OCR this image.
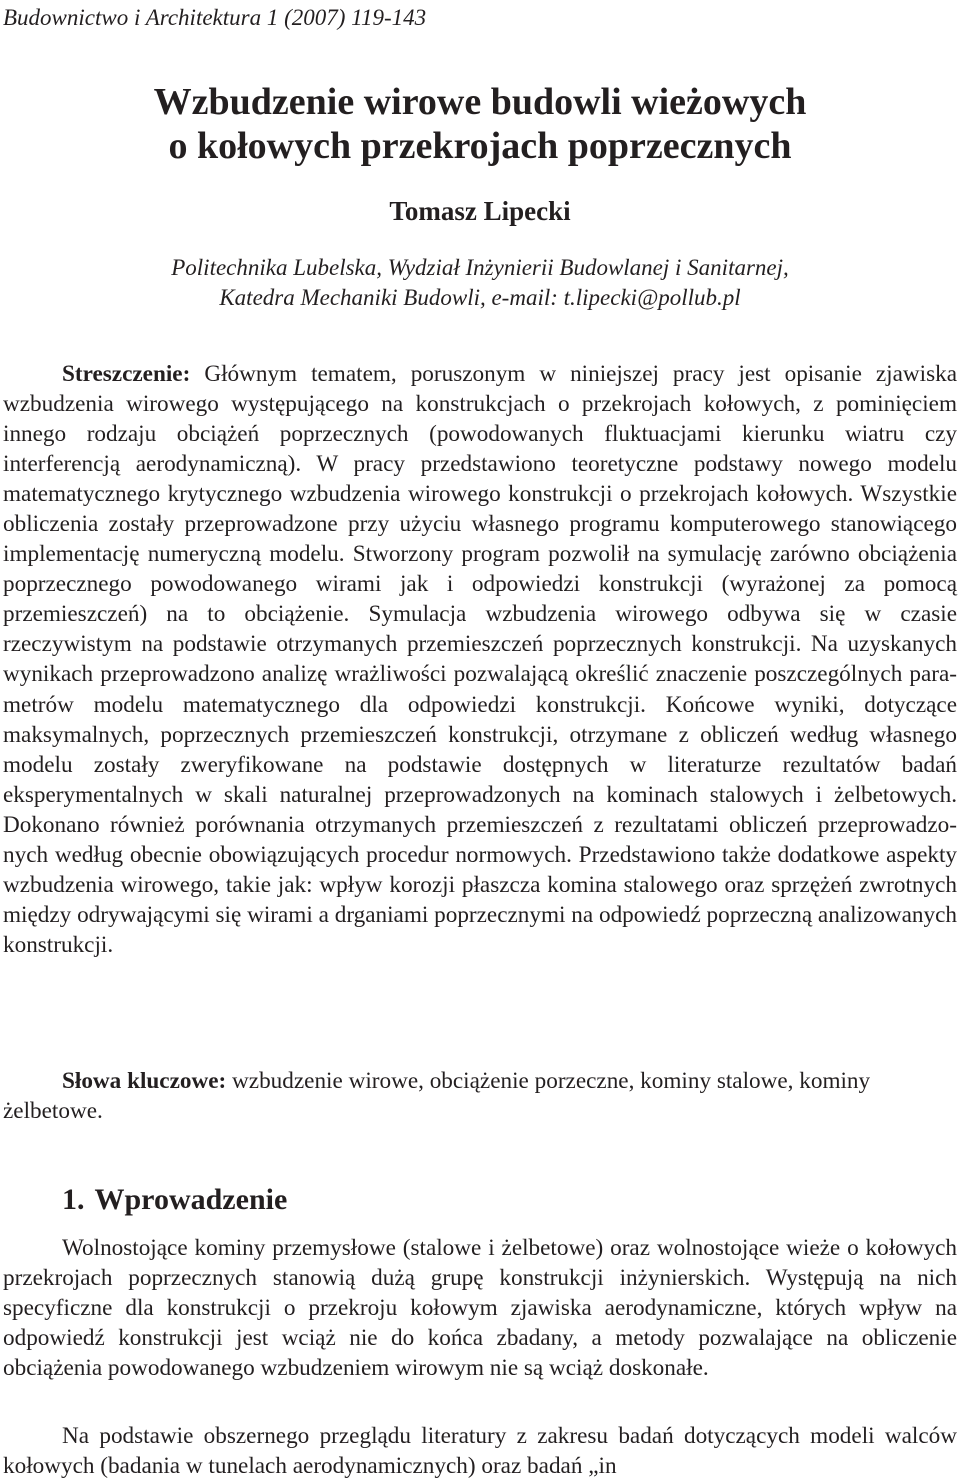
Budownictwo i Architektura 1 (2007) 119-143
Wzbudzenie wirowe budowli wieżowych
o kołowych przekrojach poprzecznych
Tomasz Lipecki
Politechnika Lubelska, Wydział Inżynierii Budowlanej i Sanitarnej,
Katedra Mechaniki Budowli, e-mail: t.lipecki@pollub.pl

Streszczenie: Głównym tematem, poruszonym w niniejszej pracy jest opisanie zjawiska wzbudzenia wirowego występującego na konstrukcjach o przekrojach kołowych, z pominięciem innego rodzaju obciążeń poprzecznych (powodowanych fluktuacjami kierunku wiatru czy interferencją aerodynamiczną). W pracy przedstawiono teoretyczne podstawy nowego modelu matematycznego krytycznego wzbudzenia wirowego konstrukcji o przekrojach kołowych. Wszystkie obliczenia zostały przeprowadzone przy użyciu własnego programu komputerowego stanowiącego implementację numeryczną modelu. Stworzony program pozwolił na symulację zarówno obciążenia poprzecznego powodowanego wirami jak i odpowiedzi konstrukcji (wyrażonej za pomocą przemieszczeń) na to obciążenie. Symulacja wzbudzenia wirowego odbywa się w czasie rzeczywistym na podstawie otrzymanych przemieszczeń poprzecznych konstrukcji. Na uzyskanych wynikach przeprowadzono analizę wrażliwości pozwalającą określić znaczenie poszczególnych parametrów modelu matematycznego dla odpowiedzi konstrukcji. Końcowe wyniki, dotyczące maksymalnych, poprzecznych przemieszczeń konstrukcji, otrzymane z obliczeń według własnego modelu zostały zweryfikowane na podstawie dostępnych w literaturze rezultatów badań eksperymentalnych w skali naturalnej przeprowadzonych na kominach stalowych i żelbetowych. Dokonano również porównania otrzymanych przemieszczeń z rezultatami obliczeń przeprowadzonych według obecnie obowiązujących procedur normowych. Przedstawiono także dodatkowe aspekty wzbudzenia wirowego, takie jak: wpływ korozji płaszcza komina stalowego oraz sprzężeń zwrotnych między odrywającymi się wirami a drganiami poprzecznymi na odpowiedź poprzeczną analizowanych konstrukcji.

Słowa kluczowe: wzbudzenie wirowe, obciążenie porzeczne, kominy stalowe, kominy żelbetowe.

1. Wprowadzenie

Wolnostojące kominy przemysłowe (stalowe i żelbetowe) oraz wolnostojące wieże o kołowych przekrojach poprzecznych stanowią dużą grupę konstrukcji inżynierskich. Występują na nich specyficzne dla konstrukcji o przekroju kołowym zjawiska aerodynamiczne, których wpływ na odpowiedź konstrukcji jest wciąż nie do końca zbadany, a metody pozwalające na obliczenie obciążenia powodowanego wzbudzeniem wirowym nie są wciąż doskonałe.

Na podstawie obszernego przeglądu literatury z zakresu badań dotyczących modeli walców kołowych (badania w tunelach aerodynamicznych) oraz badań „in
